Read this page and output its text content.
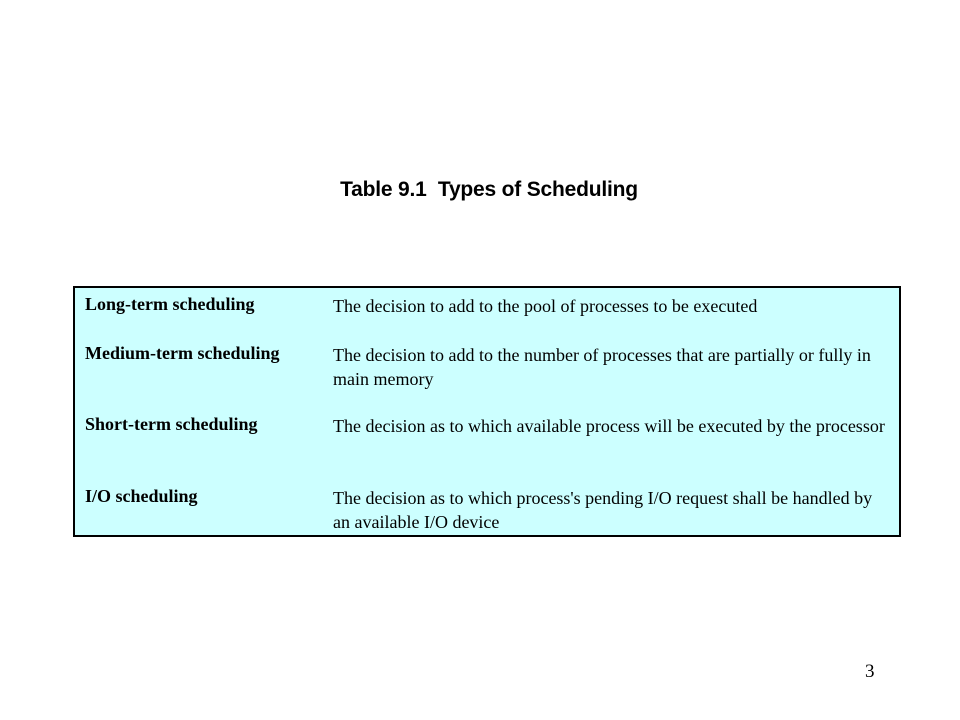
Table 9.1  Types of Scheduling
Long-term scheduling	The decision to add to the pool of processes to be executed
Medium-term scheduling	The decision to add to the number of processes that are partially or fully in main memory
Short-term scheduling	The decision as to which available process will be executed by the processor
I/O scheduling	The decision as to which process's pending I/O request shall be handled by an available I/O device
3
